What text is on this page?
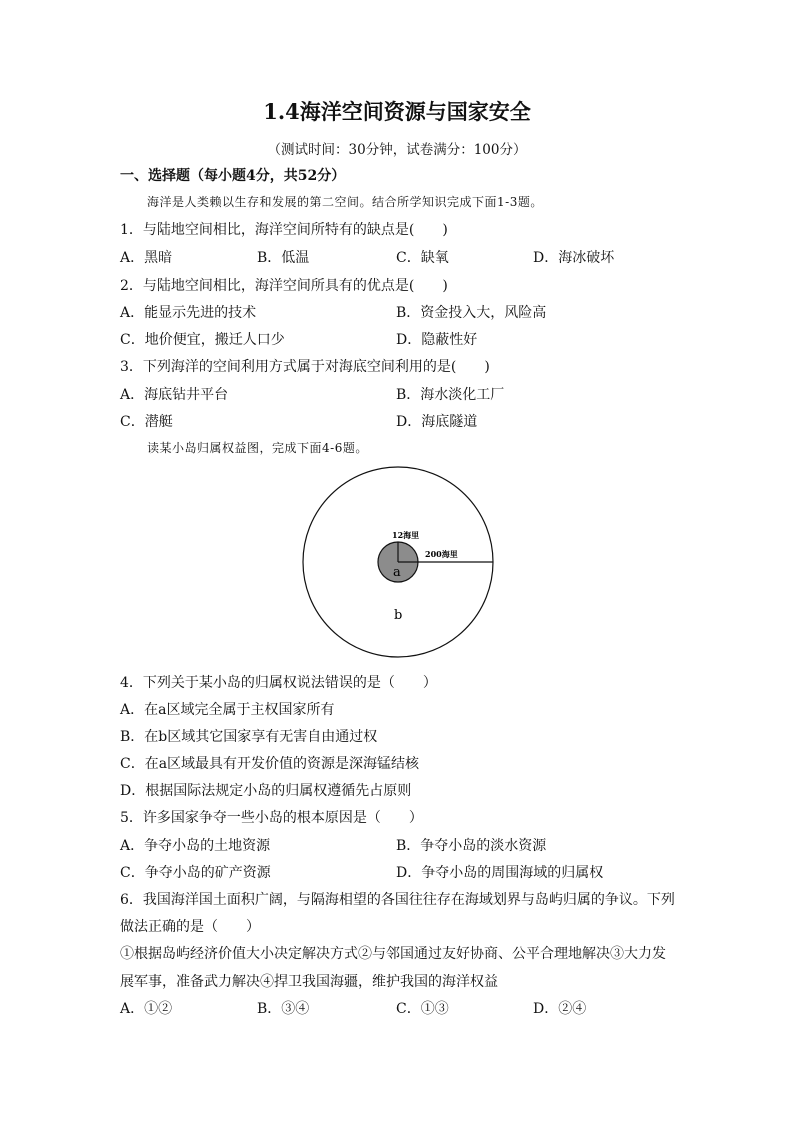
1.4海洋空间资源与国家安全
（测试时间：30分钟，试卷满分：100分）
一、选择题（每小题4分，共52分）
海洋是人类赖以生存和发展的第二空间。结合所学知识完成下面1-3题。
1．与陆地空间相比，海洋空间所特有的缺点是(　　)
A．黑暗	B．低温	C．缺氧	D．海冰破坏
2．与陆地空间相比，海洋空间所具有的优点是(　　)
A．能显示先进的技术	B．资金投入大，风险高
C．地价便宜，搬迁人口少	D．隐蔽性好
3．下列海洋的空间利用方式属于对海底空间利用的是(　　)
A．海底钻井平台	B．海水淡化工厂
C．潜艇	D．海底隧道
读某小岛归属权益图，完成下面4-6题。
12海里
200海里
a
b
4．下列关于某小岛的归属权说法错误的是（　　）
A．在a区域完全属于主权国家所有
B．在b区域其它国家享有无害自由通过权
C．在a区域最具有开发价值的资源是深海锰结核
D．根据国际法规定小岛的归属权遵循先占原则
5．许多国家争夺一些小岛的根本原因是（　　）
A．争夺小岛的土地资源	B．争夺小岛的淡水资源
C．争夺小岛的矿产资源	D．争夺小岛的周围海域的归属权
6．我国海洋国土面积广阔，与隔海相望的各国往往存在海域划界与岛屿归属的争议。下列
做法正确的是（　　）
①根据岛屿经济价值大小决定解决方式②与邻国通过友好协商、公平合理地解决③大力发
展军事，准备武力解决④捍卫我国海疆，维护我国的海洋权益
A．①②	B．③④	C．①③	D．②④
